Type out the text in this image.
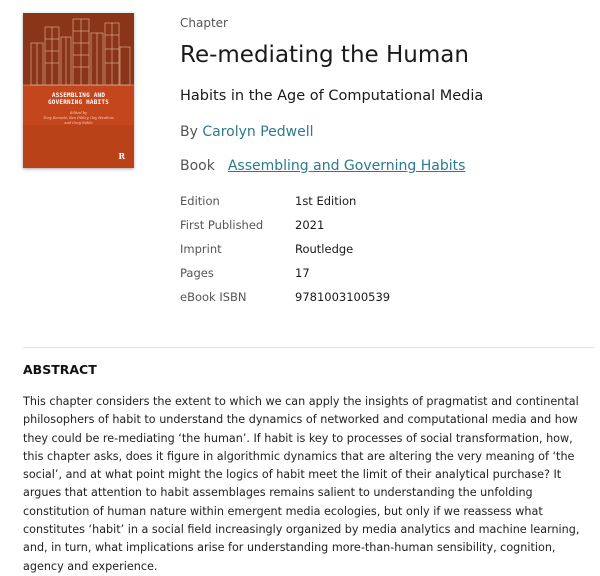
ASSEMBLING AND
GOVERNING HABITS
Edited by
Tony Bennett, Ben Dibley, Gay Hawkins
and Greg Noble
R
Chapter
Re-mediating the Human
Habits in the Age of Computational Media
By Carolyn Pedwell
Book Assembling and Governing Habits
Edition	1st Edition
First Published	2021
Imprint	Routledge
Pages	17
eBook ISBN	9781003100539
ABSTRACT

This chapter considers the extent to which we can apply the insights of pragmatist and continental philosophers of habit to understand the dynamics of networked and computational media and how they could be re-mediating ‘the human’. If habit is key to processes of social transformation, how, this chapter asks, does it figure in algorithmic dynamics that are altering the very meaning of ‘the social’, and at what point might the logics of habit meet the limit of their analytical purchase? It argues that attention to habit assemblages remains salient to understanding the unfolding constitution of human nature within emergent media ecologies, but only if we reassess what constitutes ‘habit’ in a social field increasingly organized by media analytics and machine learning, and, in turn, what implications arise for understanding more-than-human sensibility, cognition, agency and experience.
